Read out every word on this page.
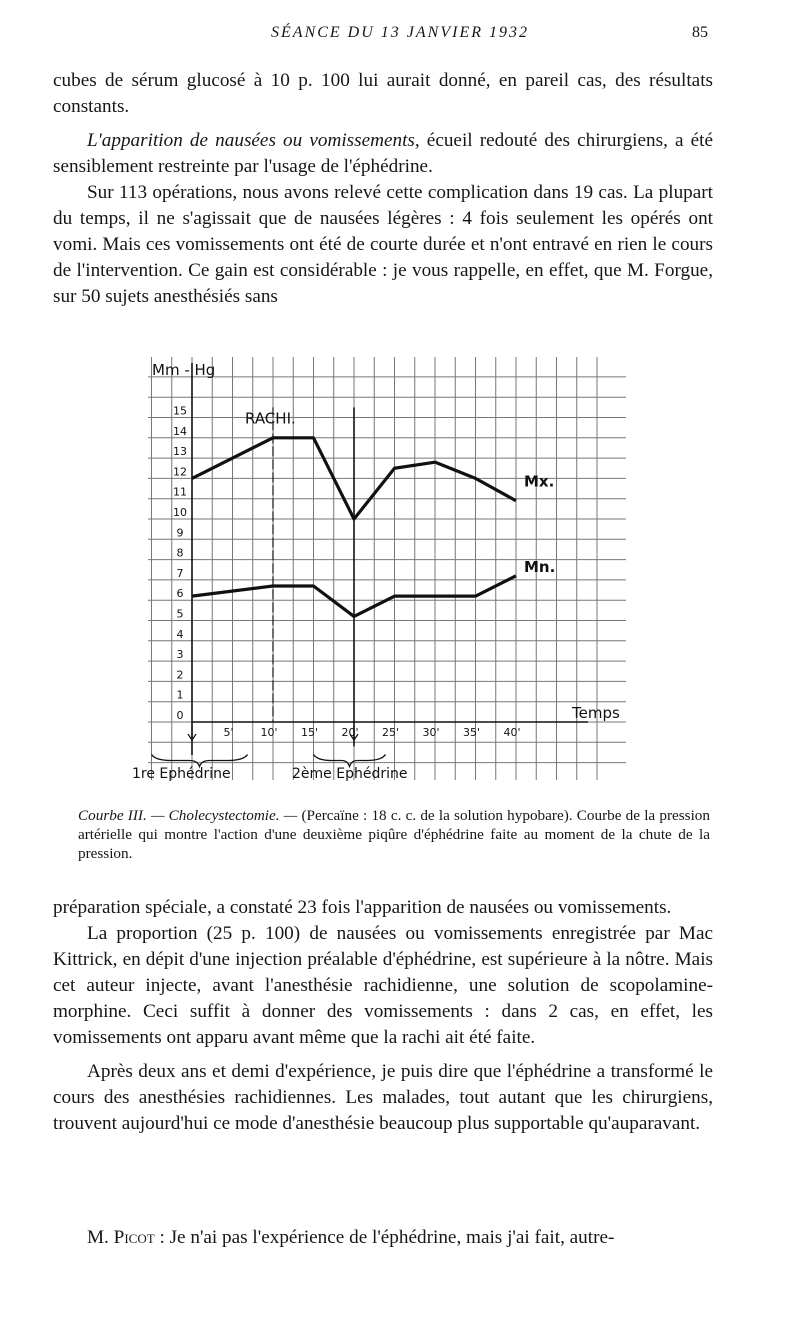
SÉANCE DU 13 JANVIER 1932	85

cubes de sérum glucosé à 10 p. 100 lui aurait donné, en pareil cas, des résultats constants.

L'apparition de nausées ou vomissements, écueil redouté des chirurgiens, a été sensiblement restreinte par l'usage de l'éphédrine.

Sur 113 opérations, nous avons relevé cette complication dans 19 cas. La plupart du temps, il ne s'agissait que de nausées légères : 4 fois seulement les opérés ont vomi. Mais ces vomissements ont été de courte durée et n'ont entravé en rien le cours de l'intervention. Ce gain est considérable : je vous rappelle, en effet, que M. Forgue, sur 50 sujets anesthésiés sans

0
1
2
3
4
5
6
7
8
9
10
11
12
13
14
15
5' 10' 15' 20' 25' 30' 35' 40'
Mm - Hg
Temps
Mx.
Mn.
RACHI.
1re Ephédrine	2ème Ephédrine
Courbe III. — Cholecystectomie. — (Percaïne : 18 c. c. de la solution hypobare). Courbe de la pression artérielle qui montre l'action d'une deuxième piqûre d'éphédrine faite au moment de la chute de la pression.

préparation spéciale, a constaté 23 fois l'apparition de nausées ou vomissements.

La proportion (25 p. 100) de nausées ou vomissements enregistrée par Mac Kittrick, en dépit d'une injection préalable d'éphédrine, est supérieure à la nôtre. Mais cet auteur injecte, avant l'anesthésie rachidienne, une solution de scopolamine-morphine. Ceci suffit à donner des vomissements : dans 2 cas, en effet, les vomissements ont apparu avant même que la rachi ait été faite.

Après deux ans et demi d'expérience, je puis dire que l'éphédrine a transformé le cours des anesthésies rachidiennes. Les malades, tout autant que les chirurgiens, trouvent aujourd'hui ce mode d'anesthésie beaucoup plus supportable qu'auparavant.

M. Picot : Je n'ai pas l'expérience de l'éphédrine, mais j'ai fait, autre-
